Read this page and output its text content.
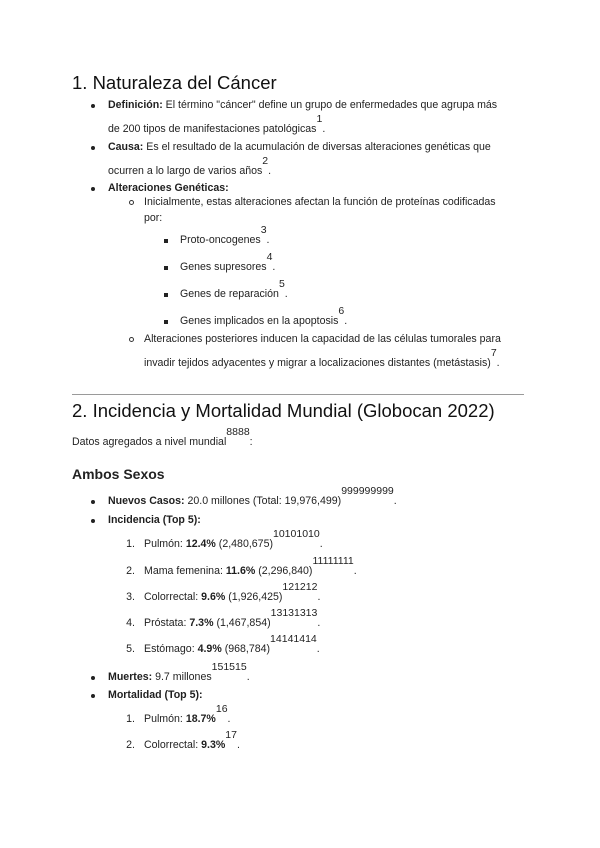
1. Naturaleza del Cáncer
Definición: El término "cáncer" define un grupo de enfermedades que agrupa más
de 200 tipos de manifestaciones patológicas1.
Causa: Es el resultado de la acumulación de diversas alteraciones genéticas que
ocurren a lo largo de varios años2.
Alteraciones Genéticas:
Inicialmente, estas alteraciones afectan la función de proteínas codificadas
por:
Proto-oncogenes3.
Genes supresores4.
Genes de reparación5.
Genes implicados en la apoptosis6.
Alteraciones posteriores inducen la capacidad de las células tumorales para
invadir tejidos adyacentes y migrar a localizaciones distantes (metástasis)7.
2. Incidencia y Mortalidad Mundial (Globocan 2022)
Datos agregados a nivel mundial8888:
Ambos Sexos
Nuevos Casos: 20.0 millones (Total: 19,976,499)999999999.
Incidencia (Top 5):
1. Pulmón: 12.4% (2,480,675)10101010.
2. Mama femenina: 11.6% (2,296,840)11111111.
3. Colorrectal: 9.6% (1,926,425)121212.
4. Próstata: 7.3% (1,467,854)13131313.
5. Estómago: 4.9% (968,784)14141414.
Muertes: 9.7 millones151515.
Mortalidad (Top 5):
1. Pulmón: 18.7%16.
2. Colorrectal: 9.3%17.
